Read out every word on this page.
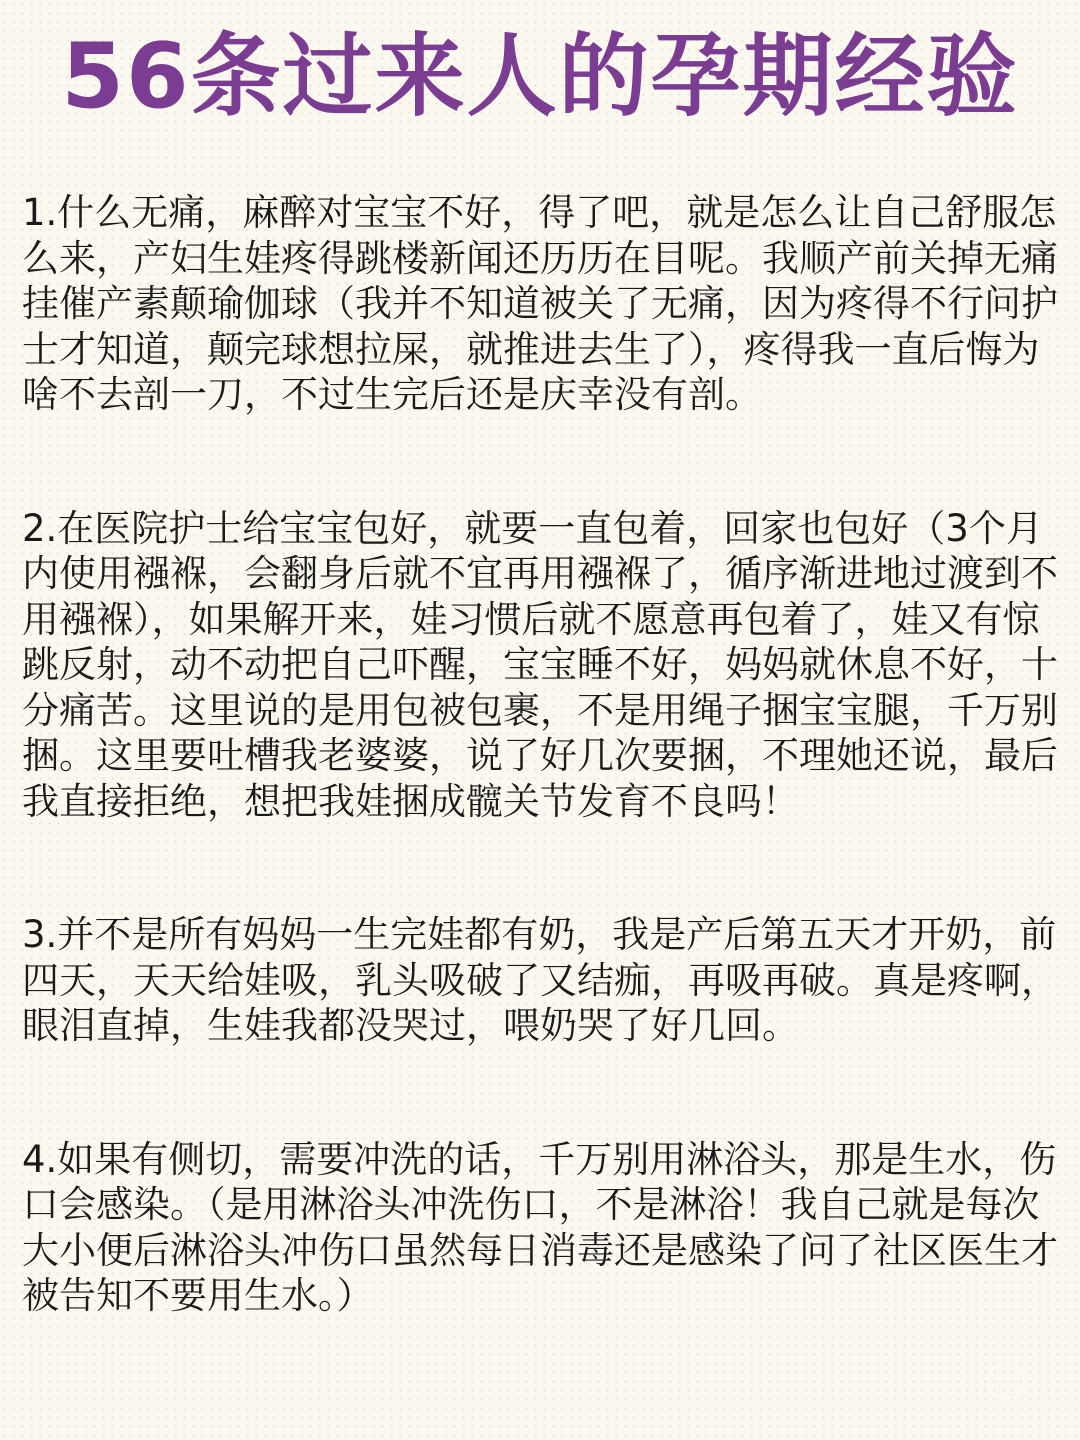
56条过来人的孕期经验

1.什么无痛，麻醉对宝宝不好，得了吧，就是怎么让自己舒服怎么来，产妇生娃疼得跳楼新闻还历历在目呢。我顺产前关掉无痛挂催产素颠瑜伽球（我并不知道被关了无痛，因为疼得不行问护士才知道，颠完球想拉屎，就推进去生了），疼得我一直后悔为啥不去剖一刀，不过生完后还是庆幸没有剖。

2.在医院护士给宝宝包好，就要一直包着，回家也包好（3个月内使用襁褓，会翻身后就不宜再用襁褓了，循序渐进地过渡到不用襁褓），如果解开来，娃习惯后就不愿意再包着了，娃又有惊跳反射，动不动把自己吓醒，宝宝睡不好，妈妈就休息不好，十分痛苦。这里说的是用包被包裹，不是用绳子捆宝宝腿，千万别捆。这里要吐槽我老婆婆，说了好几次要捆，不理她还说，最后我直接拒绝，想把我娃捆成髋关节发育不良吗！

3.并不是所有妈妈一生完娃都有奶，我是产后第五天才开奶，前四天，天天给娃吸，乳头吸破了又结痂，再吸再破。真是疼啊，眼泪直掉，生娃我都没哭过，喂奶哭了好几回。

4.如果有侧切，需要冲洗的话，千万别用淋浴头，那是生水，伤口会感染。（是用淋浴头冲洗伤口，不是淋浴！我自己就是每次大小便后淋浴头冲伤口虽然每日消毒还是感染了问了社区医生才被告知不要用生水。）
